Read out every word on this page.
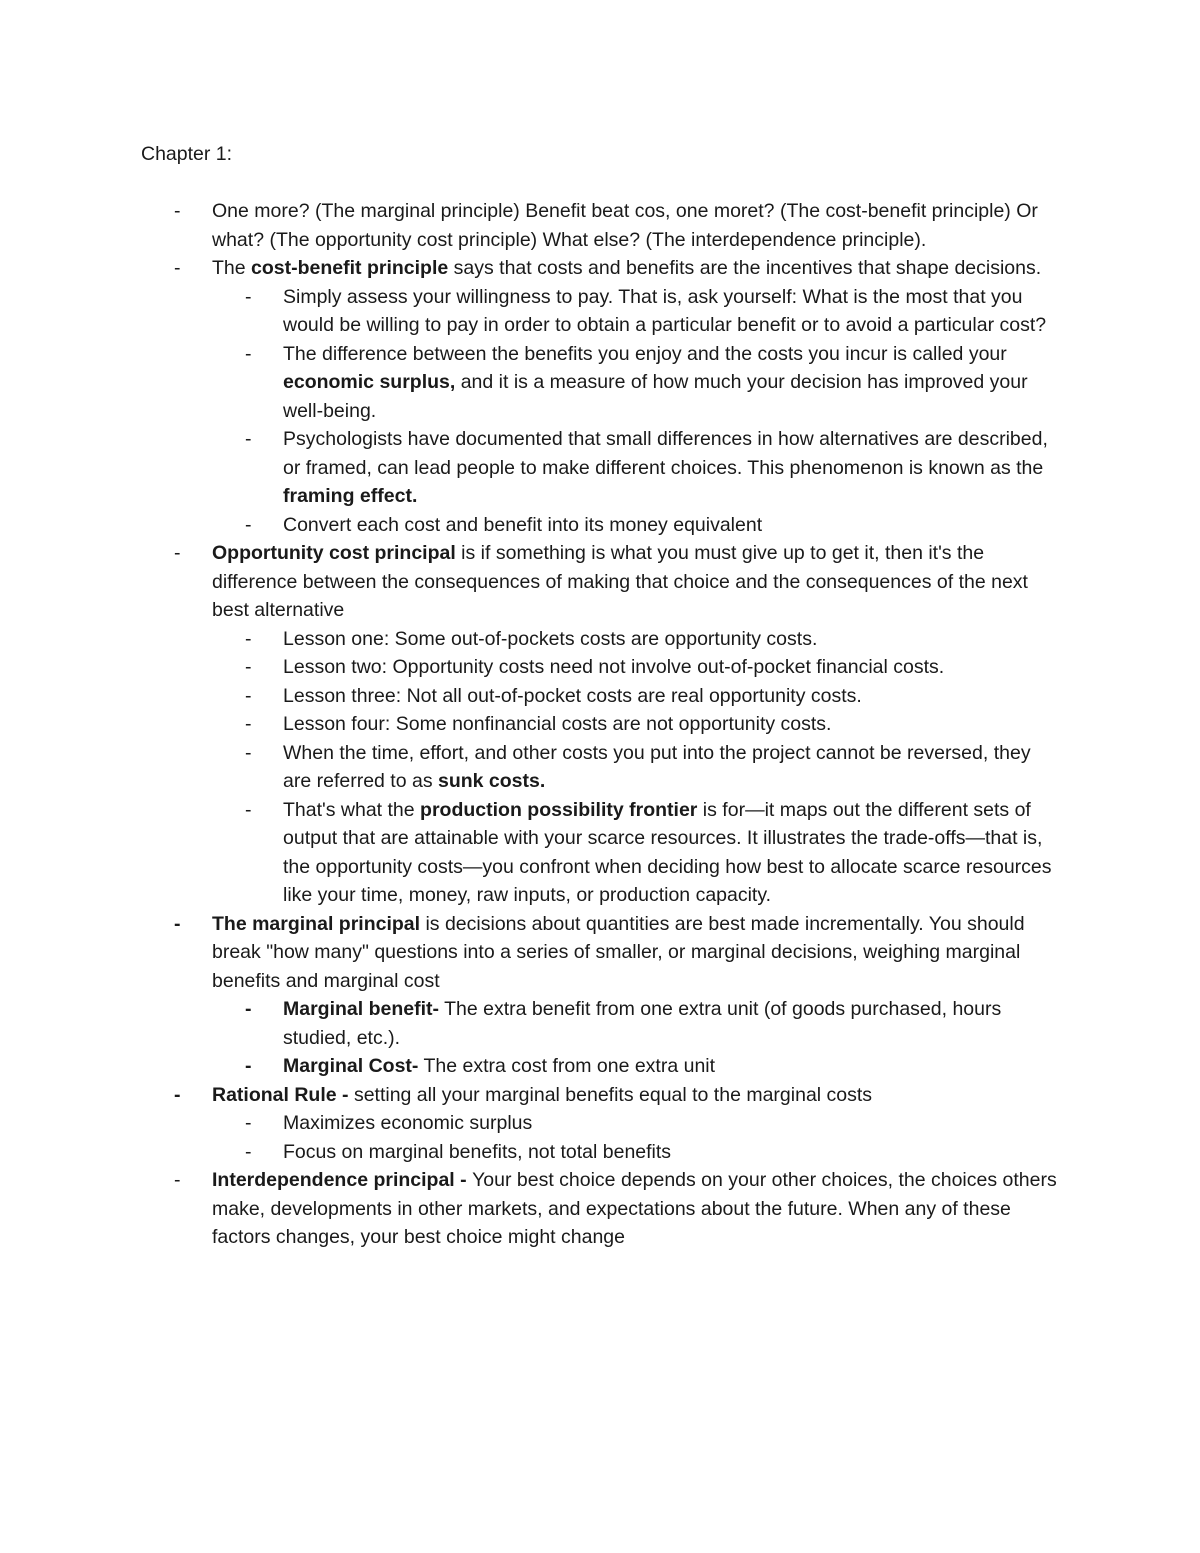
Chapter 1:

- One more? (The marginal principle) Benefit beat cos, one moret? (The cost-benefit principle) Or what? (The opportunity cost principle) What else? (The interdependence principle).

- The cost-benefit principle says that costs and benefits are the incentives that shape decisions.

- Simply assess your willingness to pay. That is, ask yourself: What is the most that you would be willing to pay in order to obtain a particular benefit or to avoid a particular cost?

- The difference between the benefits you enjoy and the costs you incur is called your economic surplus, and it is a measure of how much your decision has improved your well-being.

- Psychologists have documented that small differences in how alternatives are described, or framed, can lead people to make different choices. This phenomenon is known as the framing effect.

- Convert each cost and benefit into its money equivalent

- Opportunity cost principal is if something is what you must give up to get it, then it's the difference between the consequences of making that choice and the consequences of the next best alternative

- Lesson one: Some out-of-pockets costs are opportunity costs.

- Lesson two: Opportunity costs need not involve out-of-pocket financial costs.

- Lesson three: Not all out-of-pocket costs are real opportunity costs.

- Lesson four: Some nonfinancial costs are not opportunity costs.

- When the time, effort, and other costs you put into the project cannot be reversed, they are referred to as sunk costs.

- That's what the production possibility frontier is for—it maps out the different sets of output that are attainable with your scarce resources. It illustrates the trade-offs—that is, the opportunity costs—you confront when deciding how best to allocate scarce resources like your time, money, raw inputs, or production capacity.

- The marginal principal is decisions about quantities are best made incrementally. You should break "how many" questions into a series of smaller, or marginal decisions, weighing marginal benefits and marginal cost

- Marginal benefit- The extra benefit from one extra unit (of goods purchased, hours studied, etc.).

- Marginal Cost- The extra cost from one extra unit

- Rational Rule - setting all your marginal benefits equal to the marginal costs

- Maximizes economic surplus

- Focus on marginal benefits, not total benefits

- Interdependence principal - Your best choice depends on your other choices, the choices others make, developments in other markets, and expectations about the future. When any of these factors changes, your best choice might change
